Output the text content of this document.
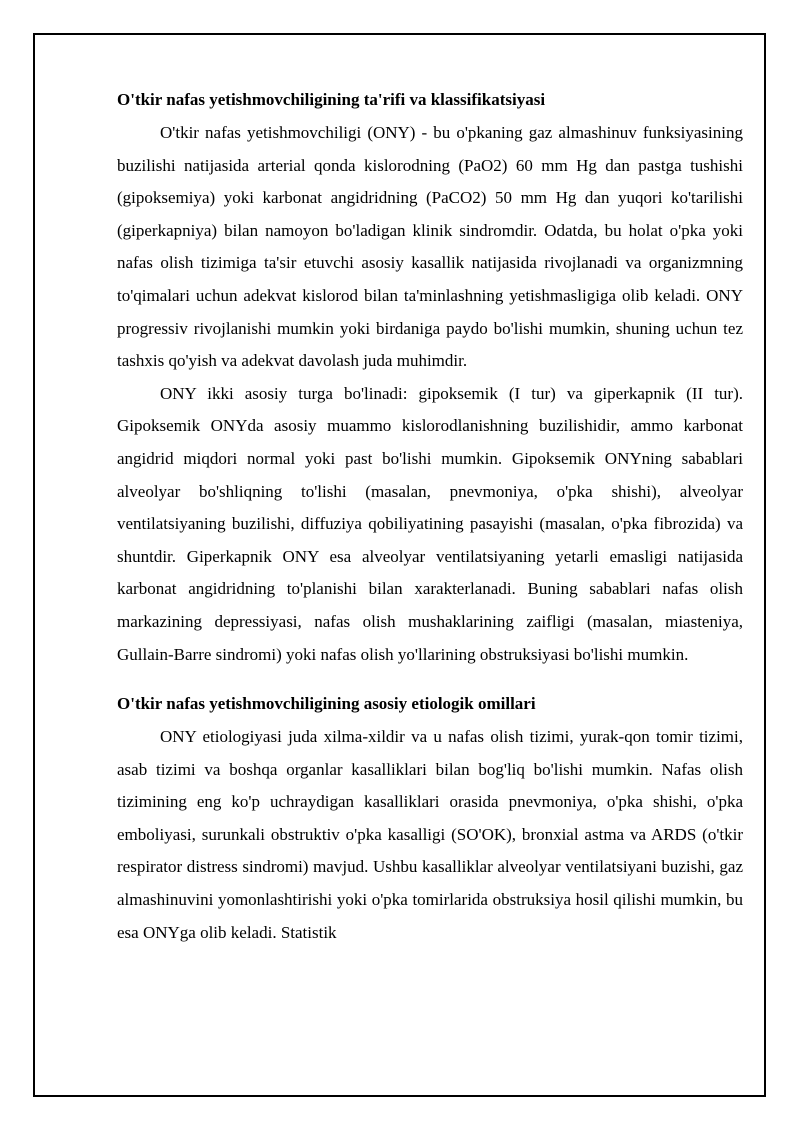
O'tkir nafas yetishmovchiligining ta'rifi va klassifikatsiyasi

O'tkir nafas yetishmovchiligi (ONY) - bu o'pkaning gaz almashinuv funksiyasining buzilishi natijasida arterial qonda kislorodning (PaO2) 60 mm Hg dan pastga tushishi (gipoksemiya) yoki karbonat angidridning (PaCO2) 50 mm Hg dan yuqori ko'tarilishi (giperkapniya) bilan namoyon bo'ladigan klinik sindromdir. Odatda, bu holat o'pka yoki nafas olish tizimiga ta'sir etuvchi asosiy kasallik natijasida rivojlanadi va organizmning to'qimalari uchun adekvat kislorod bilan ta'minlashning yetishmasligiga olib keladi. ONY progressiv rivojlanishi mumkin yoki birdaniga paydo bo'lishi mumkin, shuning uchun tez tashxis qo'yish va adekvat davolash juda muhimdir.

ONY ikki asosiy turga bo'linadi: gipoksemik (I tur) va giperkapnik (II tur). Gipoksemik ONYda asosiy muammo kislorodlanishning buzilishidir, ammo karbonat angidrid miqdori normal yoki past bo'lishi mumkin. Gipoksemik ONYning sabablari alveolyar bo'shliqning to'lishi (masalan, pnevmoniya, o'pka shishi), alveolyar ventilatsiyaning buzilishi, diffuziya qobiliyatining pasayishi (masalan, o'pka fibrozida) va shuntdir. Giperkapnik ONY esa alveolyar ventilatsiyaning yetarli emasligi natijasida karbonat angidridning to'planishi bilan xarakterlanadi. Buning sabablari nafas olish markazining depressiyasi, nafas olish mushaklarining zaifligi (masalan, miasteniya, Gullain-Barre sindromi) yoki nafas olish yo'llarining obstruksiyasi bo'lishi mumkin.

O'tkir nafas yetishmovchiligining asosiy etiologik omillari

ONY etiologiyasi juda xilma-xildir va u nafas olish tizimi, yurak-qon tomir tizimi, asab tizimi va boshqa organlar kasalliklari bilan bog'liq bo'lishi mumkin. Nafas olish tizimining eng ko'p uchraydigan kasalliklari orasida pnevmoniya, o'pka shishi, o'pka emboliyasi, surunkali obstruktiv o'pka kasalligi (SO'OK), bronxial astma va ARDS (o'tkir respirator distress sindromi) mavjud. Ushbu kasalliklar alveolyar ventilatsiyani buzishi, gaz almashinuvini yomonlashtirishi yoki o'pka tomirlarida obstruksiya hosil qilishi mumkin, bu esa ONYga olib keladi. Statistik
